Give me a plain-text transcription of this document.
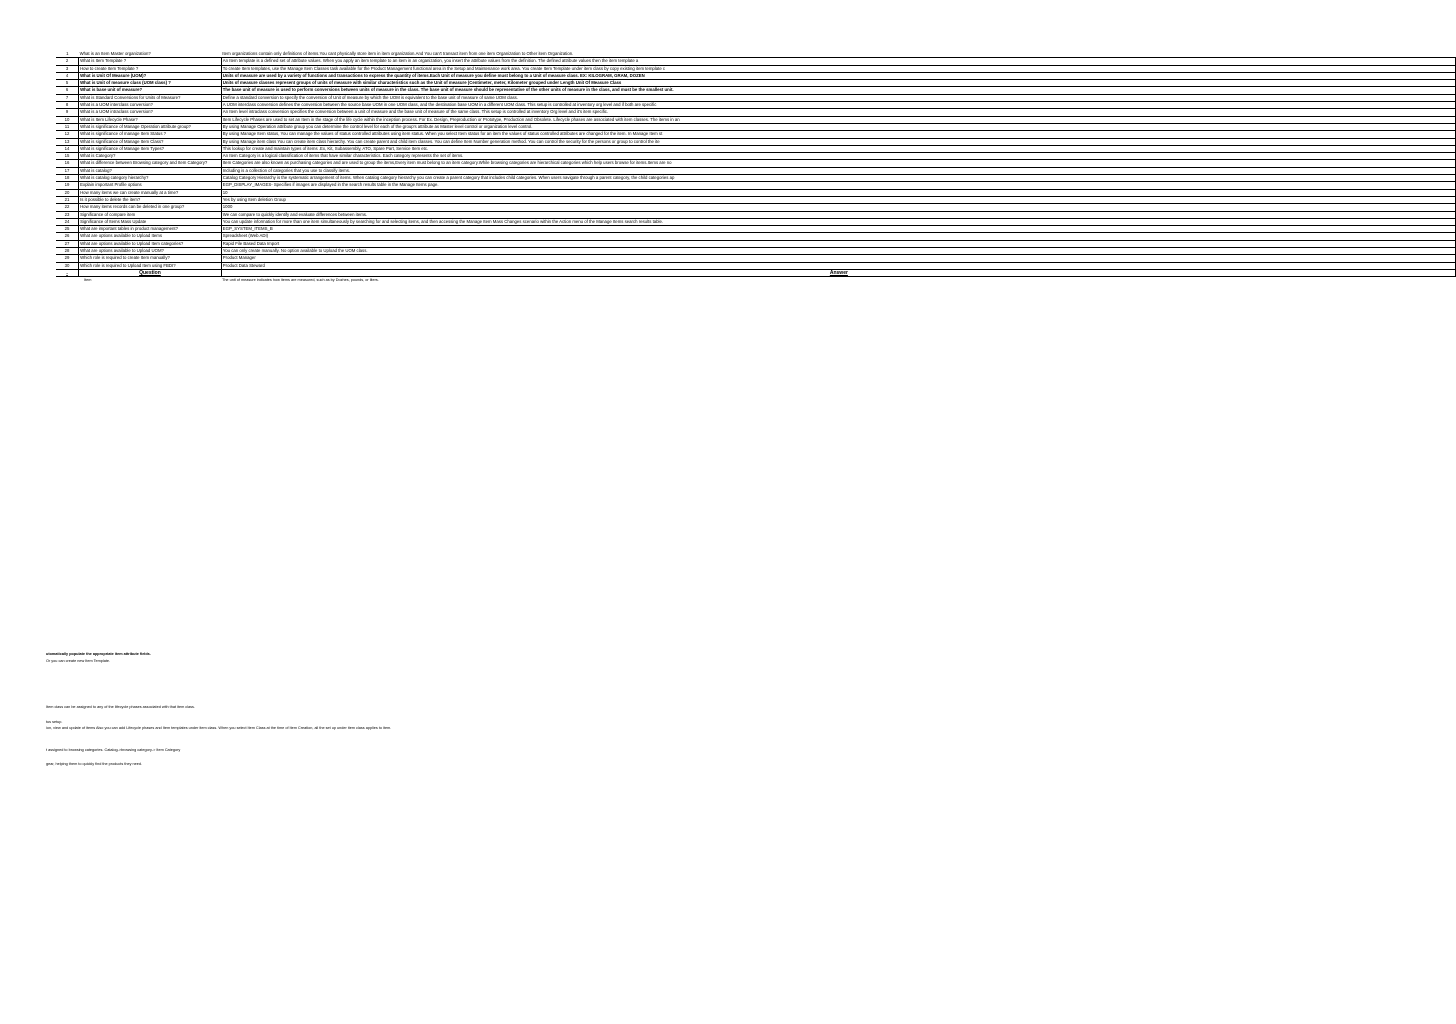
1	What is an Item Master organization?	Item organizations contain only definitions of items.You cant physically store item in item organization.And You can't transact item from one item Organization to Other item Organization.
2	What is Item Template ?	An Item template is a defined set of attribute values. When you apply an item template to an item in an organization, you insert the attribute values from the definition. The defined attribute values then the item template a
3	How to create Item Template ?	To create Item templates, use the Manage Item Classes task available for the Product Management functional area in the Setup and Maintenance work area. You create Item Template under item class by copy existing item template c
4	What is Unit Of Measure (UOM)?	Units of measure are used by a variety of functions and transactions to express the quantity of items.Each Unit of measure you define must belong to a Unit of measure class. EX: KILOGRAM, GRAM, DOZEN
5	What is Unit of measure class (UOM class) ?	Units of measure classes represent groups of units of measure with similar characteristics such as the Unit of measure (Centimeter, meter, Kilometer grouped under Length Unit Of Measure Class
6	What is base unit of measure?	The base unit of measure is used to perform conversions between units of measure in the class. The base unit of measure should be representative of the other units of measure in the class, and must be the smallest unit.
7	What is Standard Conversions for Units of Measure?	Define a standard conversion to specify the conversion of Unit of measure by which the UOM is equivalent to the base unit of measure of same UOM class.
8	What is a UOM interclass conversion?	A UOM interclass conversion defines the conversion between the source base UOM in one UOM class, and the destination base UOM in a different UOM class. This setup is controlled at inventory org level and if both are specific
9	What is a UOM intraclass conversion?	An Item level intraclass conversion specifies the conversion between a unit of measure and the base unit of measure of the same class. This setup is controlled at inventory Org level and it's item specific.
10	What is Item Lifecycle Phase?	Item Lifecycle Phases are used to set an Item in the stage of the life cycle within the inception process. For Ex. Design, Preproduction or Prototype, Production and Obsolete. Lifecycle phases are associated with item classes. The items in an
11	What is significance of Manage Operation attribute group?	By using Manage Operation attribute group you can determine the control level for each of the group's attribute as Master level control or organization level control.
12	What is significance of manage Item Status ?	By using Manage Item status, You can manage the values of status controlled attributes using item status. When you select Item status for an item the values of status controlled attributes are changed for the item. In Manage Item st
13	What is significance of Manage Item Class?	By using Manage item class You can create item class hierarchy. You can create parent and child item classes. You can define Item Number generation method. You can control the security for the persons or group to control the ite
14	What is significance of Manage Item Types?	This lookup for create and maintain types of items .Ex, Kit, Subassembly, ATO, Spare Part, Service Item etc.
15	What is Category?	An Item Category is a logical classification of items that have similar characteristics. Each category represents the set of items.
16	What is difference between Browsing category and Item Category?	Item Categories are also known as purchasing categories and are used to group the items,Every item must belong to an item category.While browsing categories are hierarchical categories which help users browse for items.Items are no
17	What is catalog?	Including is a collection of categories that you use to classify items.
18	What is catalog category hierarchy?	Catalog Category Hierarchy is the systematic arrangement of items. When catalog category hierarchy you can create a parent category that includes child categories. When users navigate through a parent category, the child categories ap
19	Explain important Profile options	EGP_DISPLAY_IMAGES- Specifies if images are displayed in the search results table in the Manage Items page.
20	How many items we can create manually at a time?	10
21	Is it possible to delete the item?	Yes by using Item deletion Group
22	How many items records can be deleted in one group?	1000
23	Significance of compare item	We can compare to quickly identify and evaluate differences between items.
24	Significance of Items Mass Update	You can update information for more than one item simultaneously by searching for and selecting items, and then accessing the Manage Item Mass Changes scenario within the Action menu of the Manage Items search results table.
25	What are important tables in product management?	EGP_SYSTEM_ITEMS_B
26	What are options available to Upload Items	Spreadsheet (Web ADI)
27	What are options available to Upload Item categories?	Rapid File Based Data Import
28	What are options available to Upload UOM?	You can only create manually. No option available to Upload the UOM class.
29	Which role is required to create Item manually?	Product Manager
30	Which role is required to Upload Item using FBDI?	Product Data Steward
.	Question	Answer
Item	The unit of measure indicates how items are measured, such as by Dozhes, pounds, or liters.
utomatically populate the appropriate item attribute fields.
Or you can create new Item Template.
Item class can be assigned to any of the lifecycle phases associated with that item class.
tus setup.
ion, view and update of items Also you can add Lifecycle phases and Item templates under item class. When you select Item Class at the time of Item Creation, all the set up under item class applies to item.
t assigned to browsing categories. Catalog->browsing category-> Item Category
gear, helping them to quickly find the products they need.
